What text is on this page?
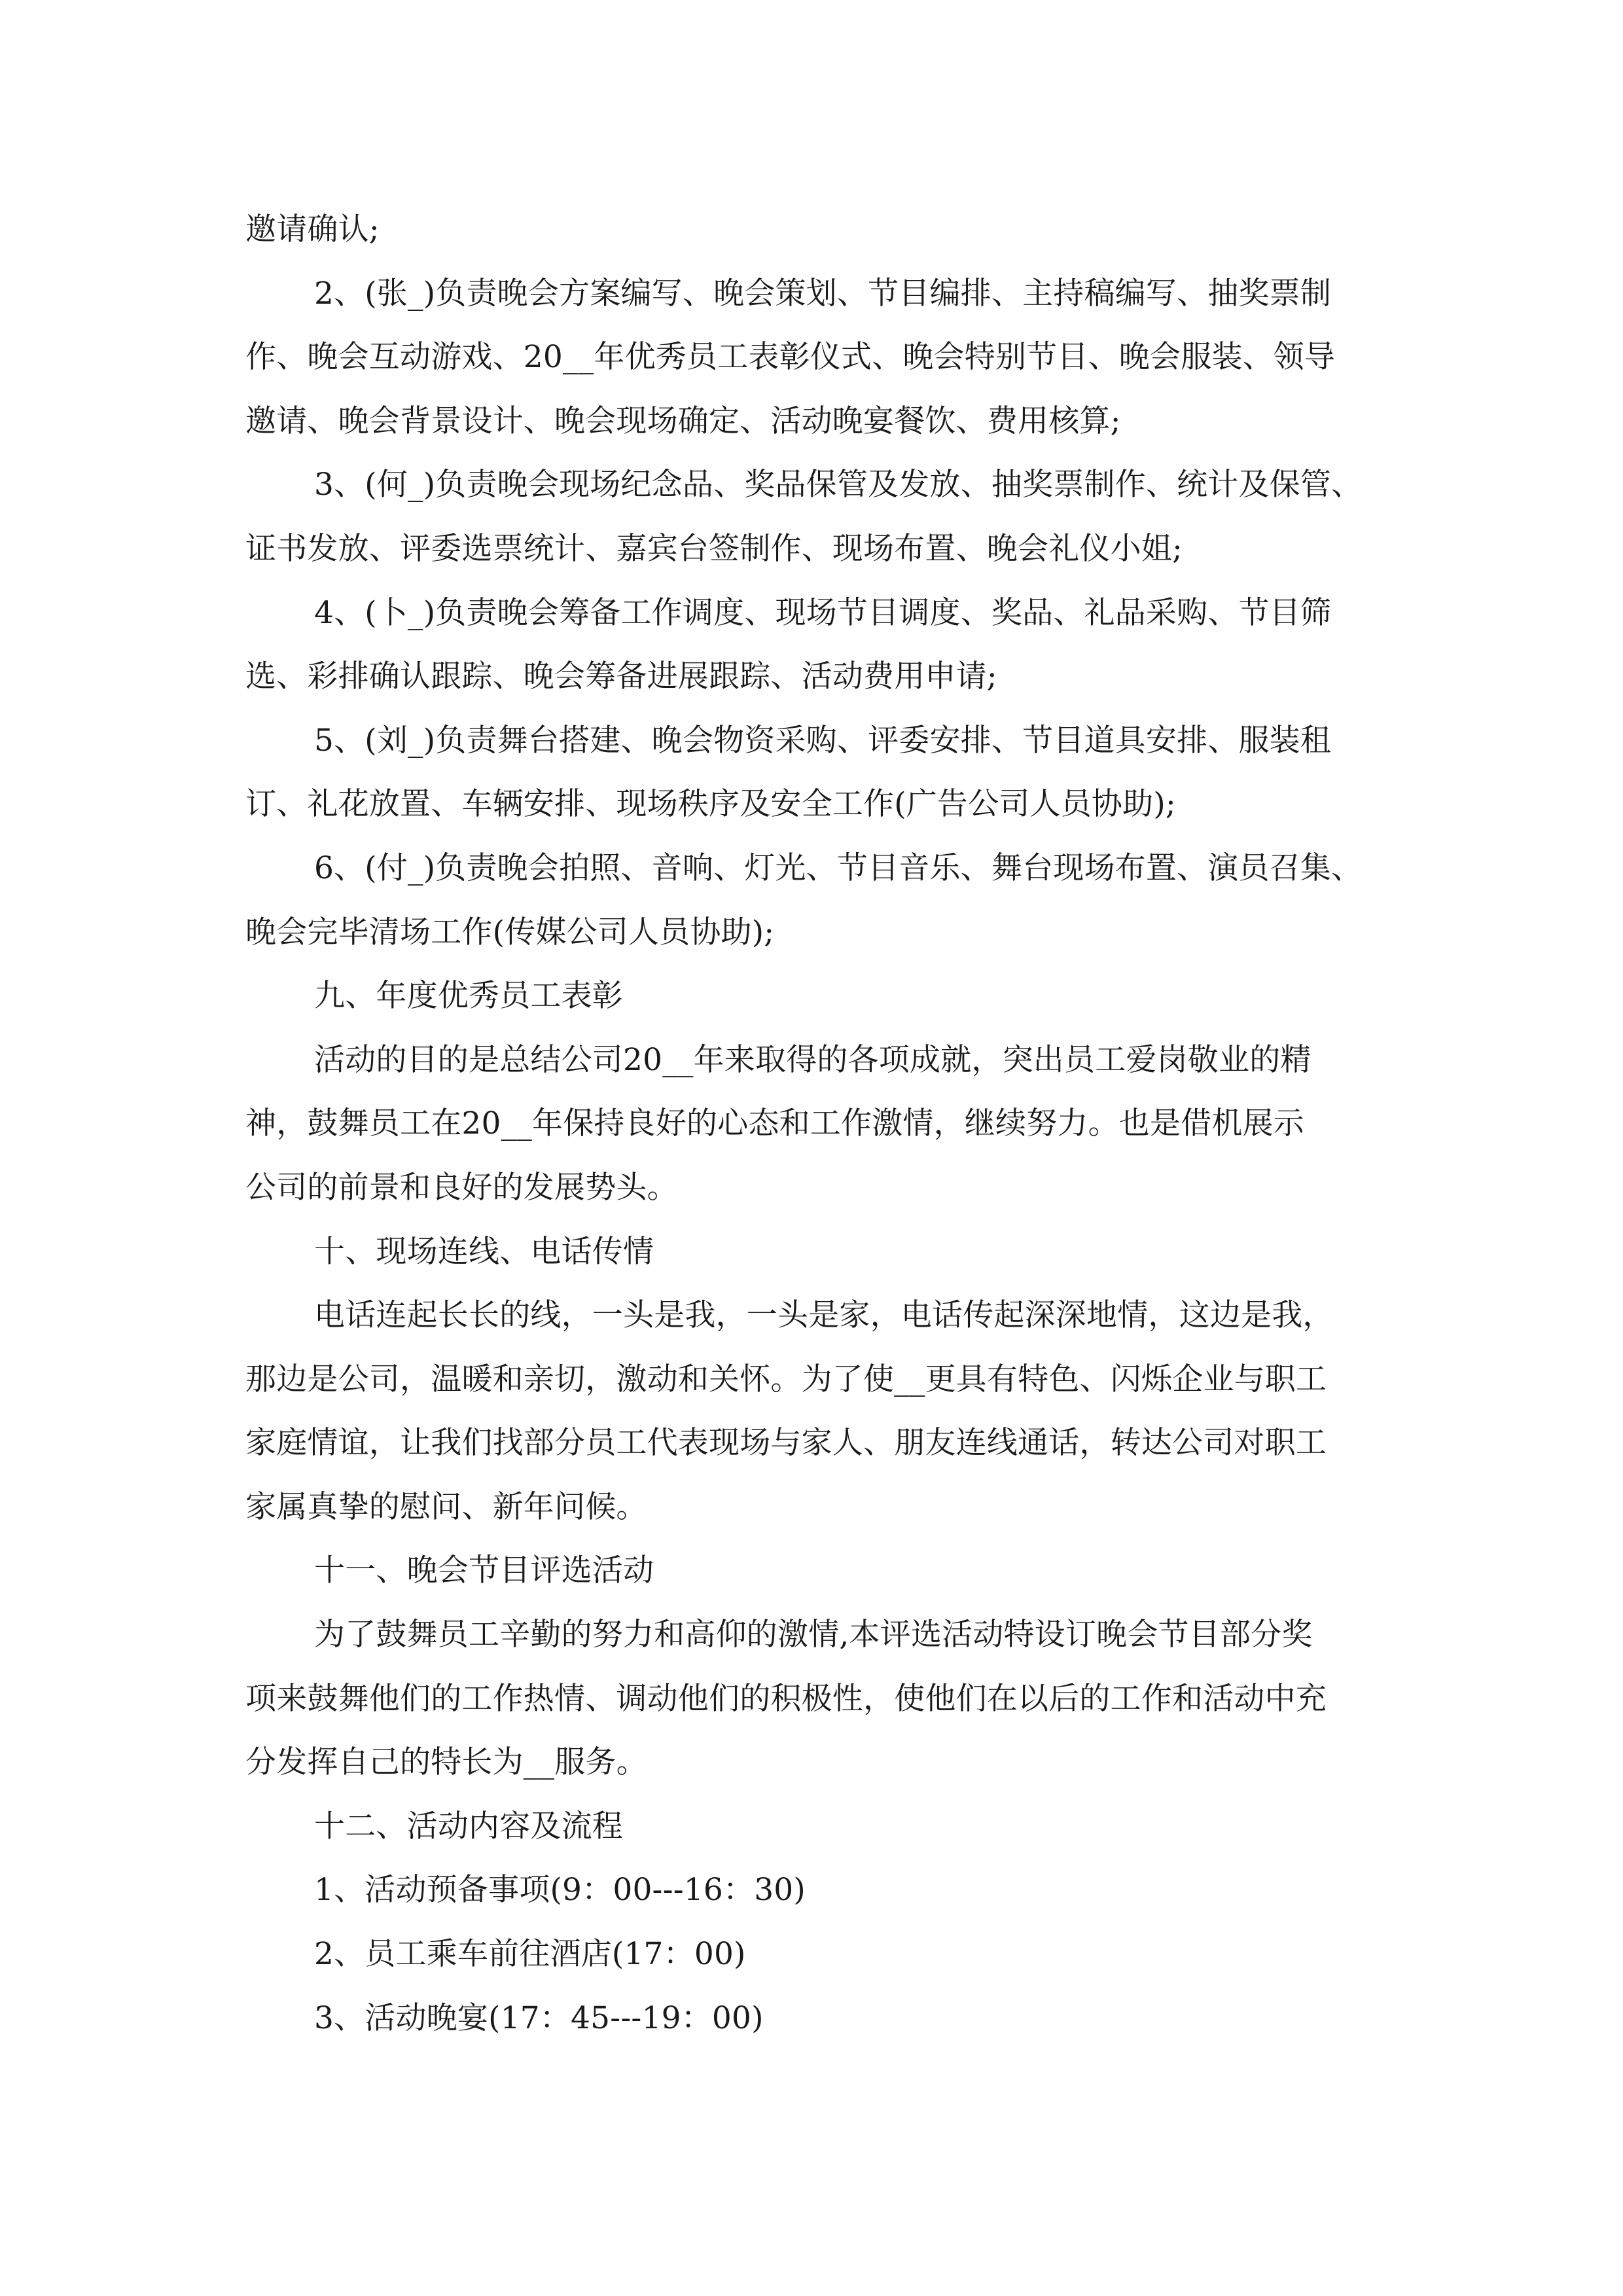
邀请确认;
2、(张_)负责晚会方案编写、晚会策划、节目编排、主持稿编写、抽奖票制
作、晚会互动游戏、20__年优秀员工表彰仪式、晚会特别节目、晚会服装、领导
邀请、晚会背景设计、晚会现场确定、活动晚宴餐饮、费用核算;
3、(何_)负责晚会现场纪念品、奖品保管及发放、抽奖票制作、统计及保管、
证书发放、评委选票统计、嘉宾台签制作、现场布置、晚会礼仪小姐;
4、(卜_)负责晚会筹备工作调度、现场节目调度、奖品、礼品采购、节目筛
选、彩排确认跟踪、晚会筹备进展跟踪、活动费用申请;
5、(刘_)负责舞台搭建、晚会物资采购、评委安排、节目道具安排、服装租
订、礼花放置、车辆安排、现场秩序及安全工作(广告公司人员协助);
6、(付_)负责晚会拍照、音响、灯光、节目音乐、舞台现场布置、演员召集、
晚会完毕清场工作(传媒公司人员协助);
九、年度优秀员工表彰
活动的目的是总结公司20__年来取得的各项成就，突出员工爱岗敬业的精
神，鼓舞员工在20__年保持良好的心态和工作激情，继续努力。也是借机展示
公司的前景和良好的发展势头。
十、现场连线、电话传情
电话连起长长的线，一头是我，一头是家，电话传起深深地情，这边是我，
那边是公司，温暖和亲切，激动和关怀。为了使__更具有特色、闪烁企业与职工
家庭情谊，让我们找部分员工代表现场与家人、朋友连线通话，转达公司对职工
家属真挚的慰问、新年问候。
十一、晚会节目评选活动
为了鼓舞员工辛勤的努力和高仰的激情,本评选活动特设订晚会节目部分奖
项来鼓舞他们的工作热情、调动他们的积极性，使他们在以后的工作和活动中充
分发挥自己的特长为__服务。
十二、活动内容及流程
1、活动预备事项(9：00---16：30)
2、员工乘车前往酒店(17：00)
3、活动晚宴(17：45---19：00)
